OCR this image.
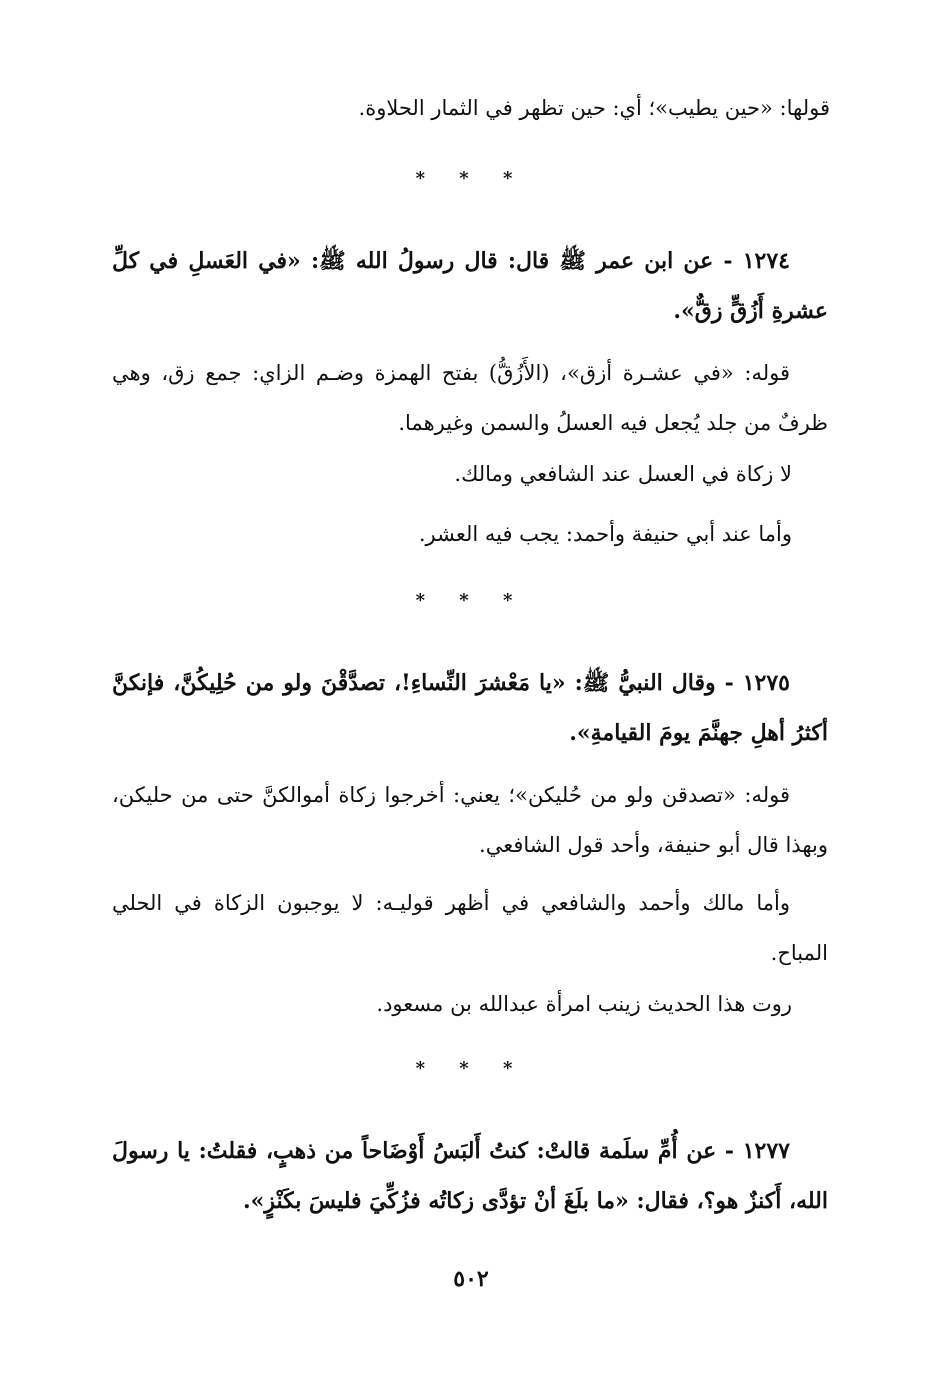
قولها: «حين يطيب»؛ أي: حين تظهر في الثمار الحلاوة.
* * *
١٢٧٤ - عن ابن عمر ﷺ قال: قال رسولُ الله ﷺ: «في العَسلِ في كلِّ عشرةِ أَزُقٍّ زقٌّ».
قوله: «في عشـرة أزق»، (الأَزُقُّ) بفتح الهمزة وضـم الزاي: جمع زق، وهي ظرفٌ من جلد يُجعل فيه العسلُ والسمن وغيرهما.
لا زكاة في العسل عند الشافعي ومالك.
وأما عند أبي حنيفة وأحمد: يجب فيه العشر.
* * *
١٢٧٥ - وقال النبيُّ ﷺ: «يا مَعْشرَ النِّساءِ!، تصدَّقْنَ ولو من حُلِيكُنَّ، فإنكنَّ أكثرُ أهلِ جهنَّمَ يومَ القيامةِ».
قوله: «تصدقن ولو من حُليكن»؛ يعني: أخرجوا زكاة أموالكنَّ حتى من حليكن، وبهذا قال أبو حنيفة، وأحد قول الشافعي.
وأما مالك وأحمد والشافعي في أظهر قوليـه: لا يوجبون الزكاة في الحلي المباح.
روت هذا الحديث زينب امرأة عبدالله بن مسعود.
* * *
١٢٧٧ - عن أُمِّ سلَمة قالتْ: كنتُ أَلبَسُ أَوْضَاحاً من ذهبٍ، فقلتُ: يا رسولَ الله، أَكنزٌ هو؟، فقال: «ما بلَغَ أنْ تؤدَّى زكاتُه فزُكِّيَ فليسَ بكَنْزٍ».
٥٠٢
